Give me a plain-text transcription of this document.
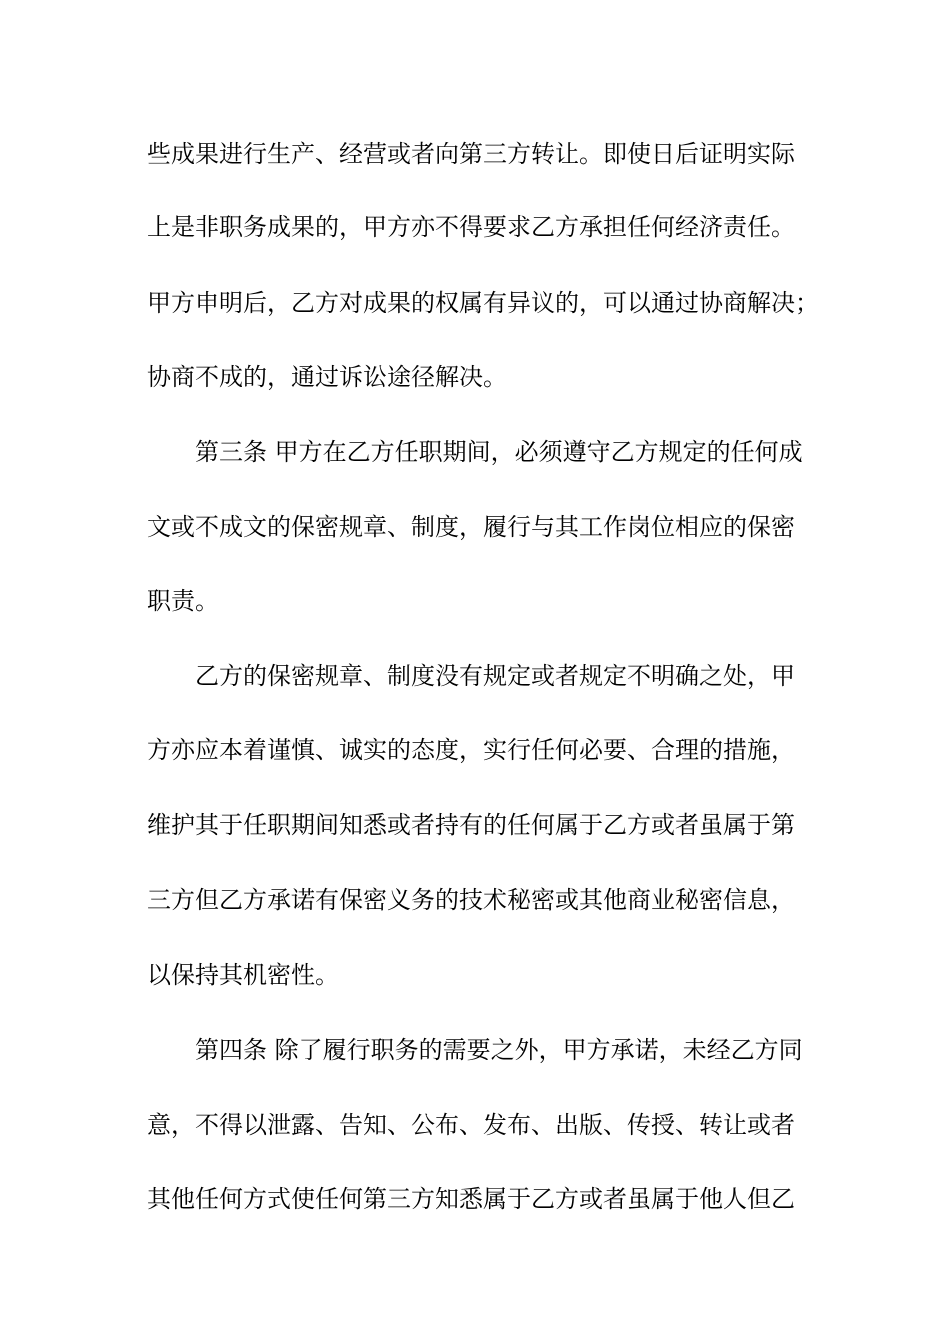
些成果进行生产、经营或者向第三方转让。即使日后证明实际
上是非职务成果的，甲方亦不得要求乙方承担任何经济责任。
甲方申明后，乙方对成果的权属有异议的，可以通过协商解决；
协商不成的，通过诉讼途径解决。
第三条 甲方在乙方任职期间，必须遵守乙方规定的任何成
文或不成文的保密规章、制度，履行与其工作岗位相应的保密
职责。
乙方的保密规章、制度没有规定或者规定不明确之处，甲
方亦应本着谨慎、诚实的态度，实行任何必要、合理的措施，
维护其于任职期间知悉或者持有的任何属于乙方或者虽属于第
三方但乙方承诺有保密义务的技术秘密或其他商业秘密信息，
以保持其机密性。
第四条 除了履行职务的需要之外，甲方承诺，未经乙方同
意，不得以泄露、告知、公布、发布、出版、传授、转让或者
其他任何方式使任何第三方知悉属于乙方或者虽属于他人但乙
